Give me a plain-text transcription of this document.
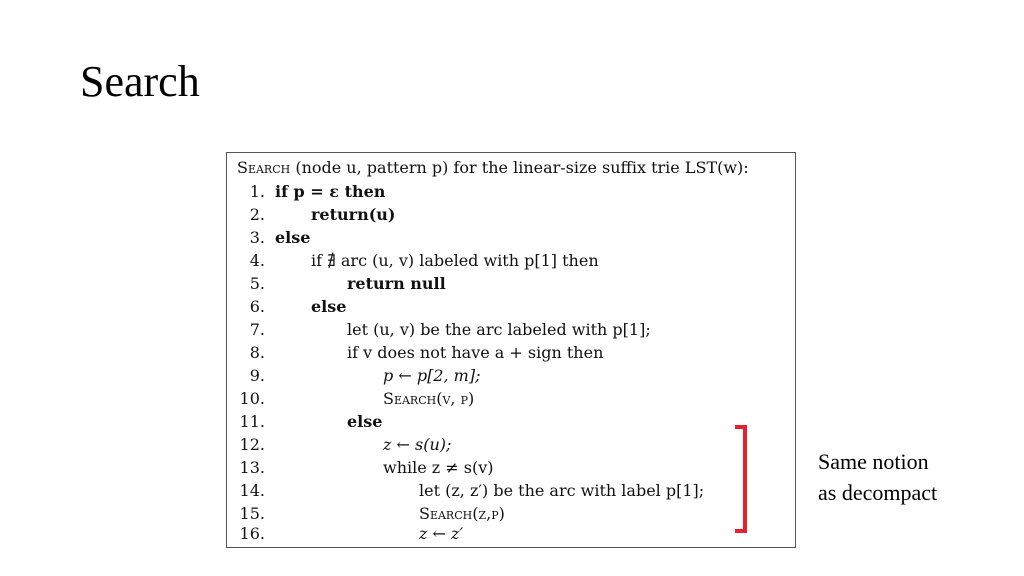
Search
Search (node u, pattern p) for the linear-size suffix trie LST(w):
1. if p = ε then
2.	return(u)
3. else
4.	if ∄ arc (u, v) labeled with p[1] then
5.	return null
6.	else
7.	let (u, v) be the arc labeled with p[1];
8.	if v does not have a + sign then
9.	p ← p[2, m];
10.	Search(v, p)
11.	else
12.	z ← s(u);
13.	while z ≠ s(v)
14.	let (z, z′) be the arc with label p[1];
15.	Search(z,p)
16.	z ← z′
Same notion
as decompact
